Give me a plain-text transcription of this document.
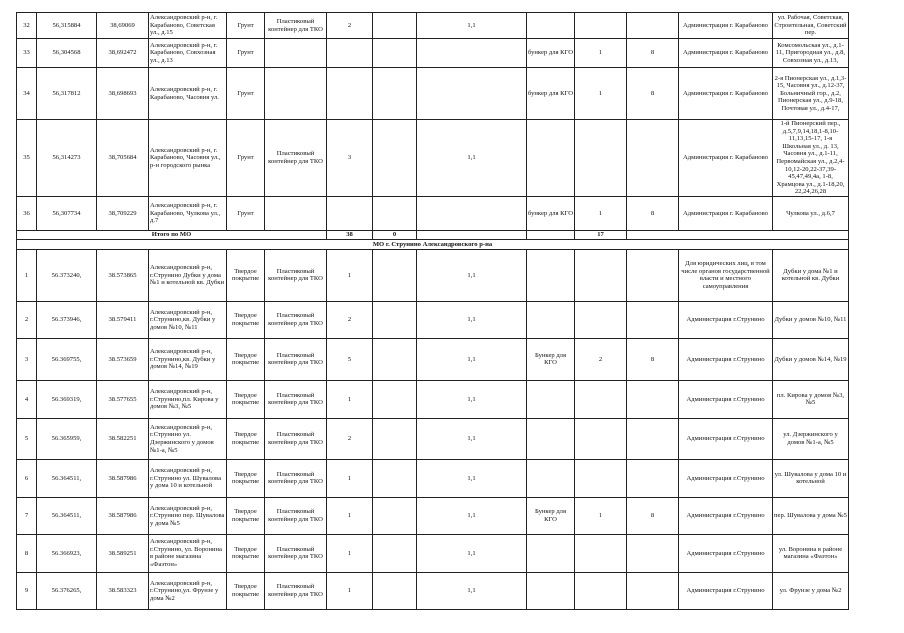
32	56,315884	38,69069	Александровский р-н, г. Карабаново, Советская ул., д.15	Грунт	Пластиковый контейнер для ТКО	2		1,1				Администрация г. Карабаново	ул. Рабочая, Советская, Строительная, Советский пер.
33	56,304568	38,692472	Александровский р-н, г. Карабаново, Совхозная ул., д.13	Грунт					бункер для КГО	1	8	Администрация г. Карабаново	Комсомольская ул., д.1-11, Пригородная ул., д.8, Совхозная ул., д.13,
34	56,317812	38,698693	Александровский р-н, г. Карабаново, Часовня ул.	Грунт					бункер для КГО	1	8	Администрация г. Карабаново	2-я Пионерская ул., д.1,3-15, Часовня ул., д.12-37, Больничный гор., д.2, Пионерская ул., д.9-18, Почтовая ул., д.4-17,
35	56,314273	38,705684	Александровский р-н, г. Карабаново, Часовня ул., р-н городского рынка	Грунт	Пластиковый контейнер для ТКО	3		1,1				Администрация г. Карабаново	1-й Пионерский пер., д.5,7,9,14,18,1-8,10-11,13,15-17, 1-я Школьная ул., д. 13, Часовня ул., д.1-11, Первомайская ул., д.2,4-10,12-20,22-37,39-45,47,49,4а, 1-8, Храмцова ул., д.1-18,20, 22,24,26,28
36	56,307734	38,709229	Александровский р-н, г. Карабаново, Чулкова ул., д.7	Грунт					бункер для КГО	1	8	Администрация г. Карабаново	Чулкова ул., д.6,7
Итого по МО						38	0			17			
МО г. Струнино Александровского р-на													
1	56.373240,	38.573865	Александровский р-н, г.Струнино Дубки у дома №1 и котельной кв. Дубки	Твердое покрытие	Пластиковый контейнер для ТКО	1		1,1				Для юридических лиц, в том числе органов государственной власти и местного самоуправления	Дубки у дома №1 и котельной кв. Дубки
2	56.373946,	38.579411	Александровский р-н, г.Струнино,кв. Дубки у домов №10, №11	Твердое покрытие	Пластиковый контейнер для ТКО	2		1,1				Администрация г.Струнино	Дубки у домов №10, №11
3	56.369755,	38.573659	Александровский р-н, г.Струнино,кв. Дубки у домов №14, №19	Твердое покрытие	Пластиковый контейнер для ТКО	5		1,1	Бункер для КГО	2	8	Администрация г.Струнино	Дубки у домов №14, №19
4	56.369319,	38.577655	Александровский р-н, г.Струнино,пл. Кирова у домов №3, №5	Твердое покрытие	Пластиковый контейнер для ТКО	1		1,1				Администрация г.Струнино	пл. Кирова у домов №3, №5
5	56.365959,	38.582251	Александровский р-н, г.Струнино ул. Дзержинского у домов №1-а, №5	Твердое покрытие	Пластиковый контейнер для ТКО	2		1,1				Администрация г.Струнино	ул. Дзержинского у домов №1-а, №5
6	56.364511,	38.587986	Александровский р-н, г.Струнино ул. Шувалова у дома 10 и котельной	Твердое покрытие	Пластиковый контейнер для ТКО	1		1,1				Администрация г.Струнино	ул. Шувалова у дома 10 и котельной
7	56.364511,	38.587986	Александровский р-н, г.Струнино пер. Шувалова у дома №5	Твердое покрытие	Пластиковый контейнер для ТКО	1		1,1	Бункер для КГО	1	8	Администрация г.Струнино	пер. Шувалова у дома №5
8	56.366923,	38.589251	Александровский р-н, г.Струнино, ул. Воронина в районе магазина «Фаэтон»	Твердое покрытие	Пластиковый контейнер для ТКО	1		1,1				Администрация г.Струнино	ул. Воронина в районе магазина «Фаэтон»
9	56.376265,	38.583323	Александровский р-н, г.Струнино,ул. Фрунзе у дома №2	Твердое покрытие	Пластиковый контейнер для ТКО	1		1,1				Администрация г.Струнино	ул. Фрунзе у дома №2
